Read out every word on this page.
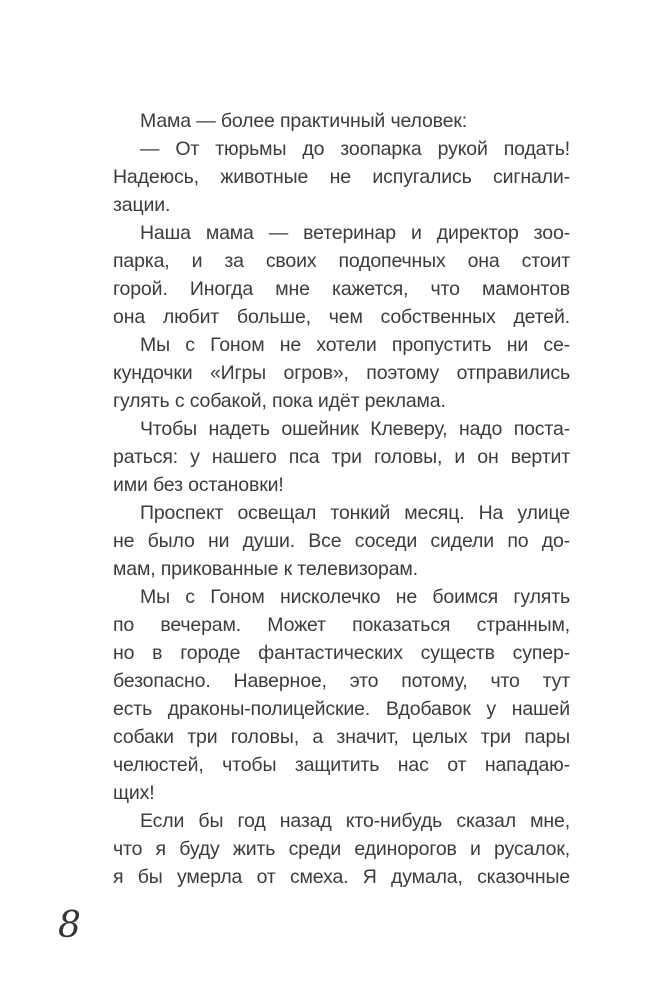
Мама — более практичный человек:
— От тюрьмы до зоопарка рукой подать!
Надеюсь, животные не испугались сигнали-
зации.
Наша мама — ветеринар и директор зоо-
парка, и за своих подопечных она стоит
горой. Иногда мне кажется, что мамонтов
она любит больше, чем собственных детей.
Мы с Гоном не хотели пропустить ни се-
кундочки «Игры огров», поэтому отправились
гулять с собакой, пока идёт реклама.
Чтобы надеть ошейник Клеверу, надо поста-
раться: у нашего пса три головы, и он вертит
ими без остановки!
Проспект освещал тонкий месяц. На улице
не было ни души. Все соседи сидели по до-
мам, прикованные к телевизорам.
Мы с Гоном нисколечко не боимся гулять
по вечерам. Может показаться странным,
но в городе фантастических существ супер-
безопасно. Наверное, это потому, что тут
есть драконы-полицейские. Вдобавок у нашей
собаки три головы, а значит, целых три пары
челюстей, чтобы защитить нас от нападаю-
щих!
Если бы год назад кто-нибудь сказал мне,
что я буду жить среди единорогов и русалок,
я бы умерла от смеха. Я думала, сказочные
8
